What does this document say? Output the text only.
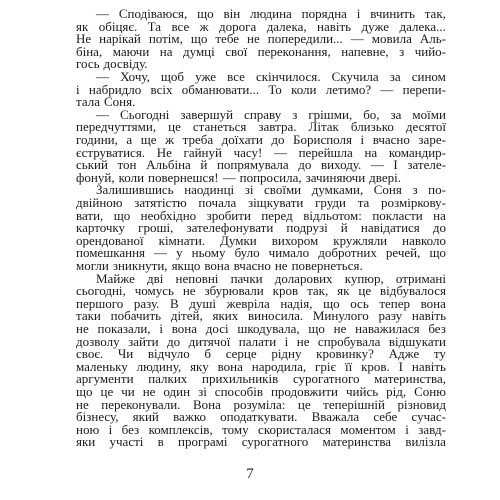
— Сподіваюся, що він людина порядна і вчинить так,
як обіцяє. Та все ж дорога далека, навіть дуже далека...
Не нарікай потім, що тебе не попередили... — мовила Аль-
біна, маючи на думці свої переконання, напевне, з чийо-
гось досвіду.
— Хочу, щоб уже все скінчилося. Скучила за сином
і набридло всіх обманювати... То коли летимо? — перепи-
тала Соня.
— Сьогодні завершуй справу з грішми, бо, за моїми
передчуттями, це станеться завтра. Літак близько десятої
години, а ще ж треба доїхати до Борисполя і вчасно заре-
єструватися. Не гайнуй часу! — перейшла на командир-
ський тон Альбіна й попрямувала до виходу. — І зателе-
фонуй, коли повернешся! — попросила, зачиняючи двері.
Залишившись наодинці зі своїми думками, Соня з по-
двійною затятістю почала зіщкувати груди та розміркову-
вати, що необхідно зробити перед відльотом: покласти на
карточку гроші, зателефонувати подрузі й навідатися до
орендованої кімнати. Думки вихором кружляли навколо
помешкання — у ньому було чимало добротних речей, що
могли зникнути, якщо вона вчасно не повернеться.
Майже дві неповні пачки доларових купюр, отримані
сьогодні, чомусь не збурювали кров так, як це відбувалося
першого разу. В душі жеврiла надія, що ось тепер вона
таки побачить дітей, яких виносила. Минулого разу навіть
не показали, і вона досі шкодувала, що не наважилася без
дозволу зайти до дитячої палати і не спробувала відшукати
своє. Чи відчуло б серце рідну кровинку? Адже ту
маленьку людину, яку вона народила, гріє її кров. І навіть
аргументи палких прихильників сурогатного материнства,
що це чи не один зі способів продовжити чийсь рід, Соню
не переконували. Вона розуміла: це теперішній різновид
бізнесу, який важко оподаткувати. Вважала себе сучас-
ною і без комплексів, тому скористалася моментом і завд-
яки участі в програмі сурогатного материнства вилізла
7
